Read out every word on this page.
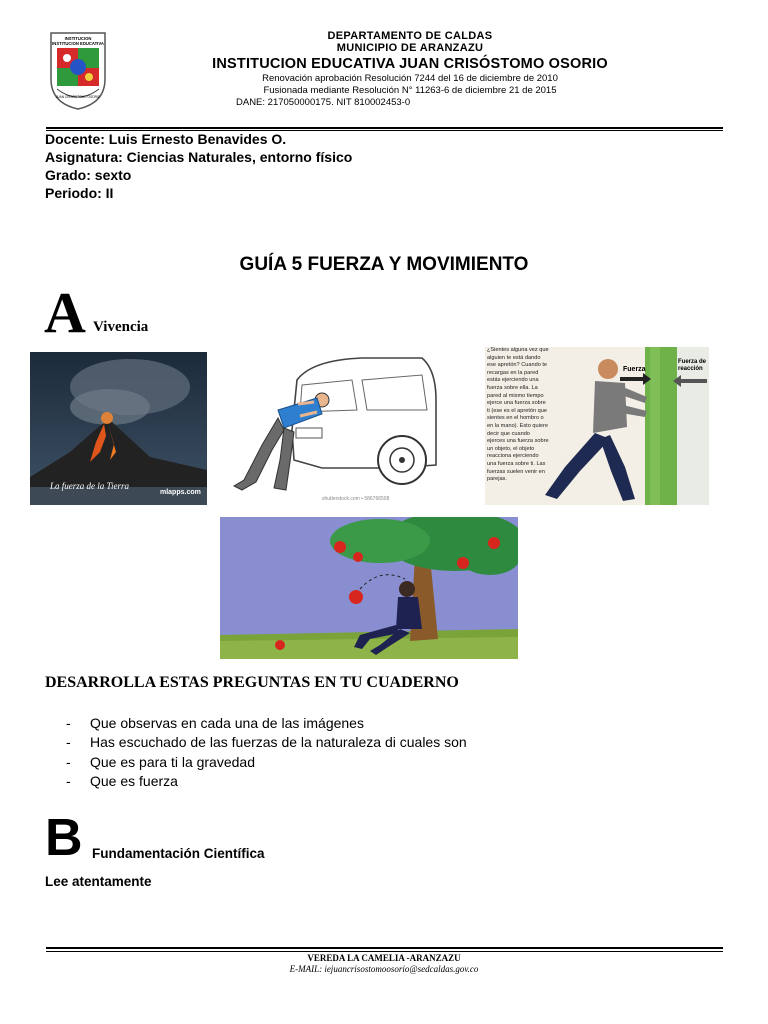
INSTITUCION
INSTITUCION EDUCATIVA
JUAN CRISÓSTOMO OSORIO
DEPARTAMENTO DE CALDAS
MUNICIPIO DE ARANZAZU
INSTITUCION EDUCATIVA JUAN CRISÓSTOMO OSORIO
Renovación aprobación Resolución 7244 del 16 de diciembre de 2010
Fusionada mediante Resolución N° 11263-6 de diciembre 21 de 2015
DANE: 217050000175. NIT 810002453-0
Docente: Luis Ernesto Benavides O.
Asignatura: Ciencias Naturales, entorno físico
Grado: sexto
Periodo: II
GUÍA 5 FUERZA Y MOVIMIENTO
A Vivencia
La fuerza de la Tierra
mlapps.com
shutterstock.com • 586766508
Fuerza
Fuerza de
reacción
¿Sientes alguna vez que alguien te está dando ese apretón? Cuando te recargas en la pared estás ejerciendo una fuerza sobre ella. La pared al mismo tiempo ejerce una fuerza sobre ti (ese es el apretón que sientes en el hombro o en la mano). Esto quiere decir que cuando ejerces una fuerza sobre un objeto, el objeto reacciona ejerciendo una fuerza sobre ti. Las fuerzas suelen venir en parejas.
DESARROLLA ESTAS PREGUNTAS EN TU CUADERNO
- Que observas en cada una de las imágenes
- Has escuchado de las fuerzas de la naturaleza di cuales son
- Que es para ti la gravedad
- Que es fuerza
B Fundamentación Científica
Lee atentamente
VEREDA LA CAMELIA -ARANZAZU
E-MAIL: iejuancrisostomoosorio@sedcaldas.gov.co
